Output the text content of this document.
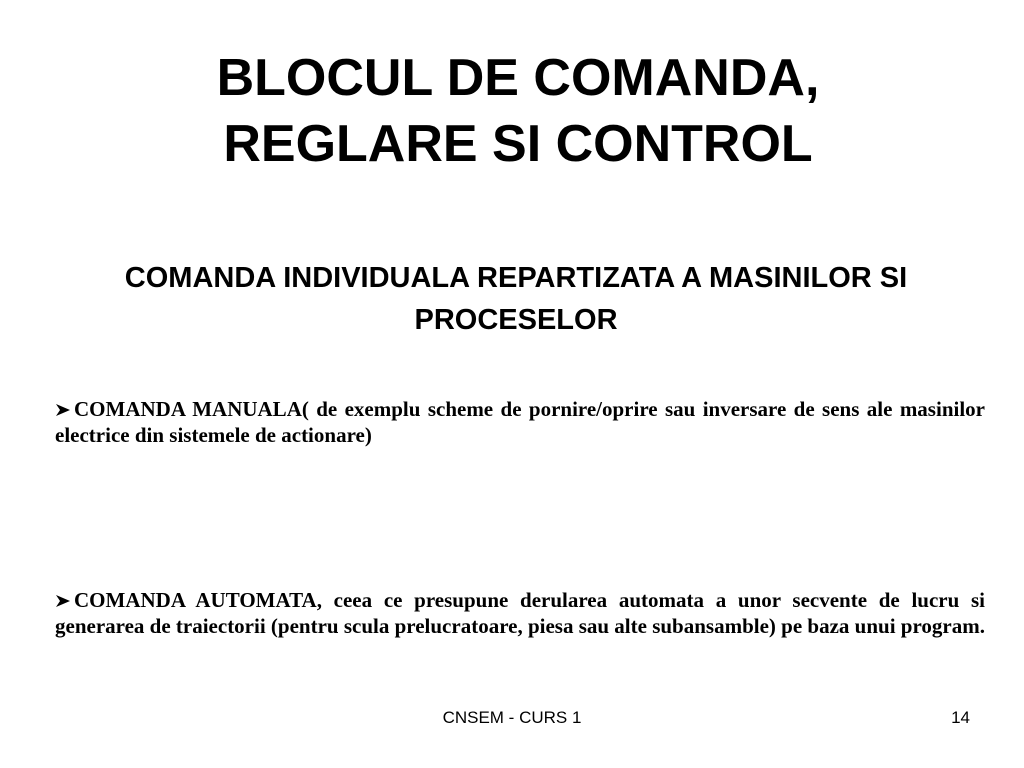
BLOCUL DE COMANDA,
REGLARE SI CONTROL
COMANDA INDIVIDUALA REPARTIZATA A MASINILOR SI
PROCESELOR
COMANDA MANUALA( de exemplu scheme de pornire/oprire sau inversare de sens ale masinilor electrice din sistemele de actionare)
COMANDA AUTOMATA, ceea ce presupune derularea automata a unor secvente de lucru si generarea de traiectorii (pentru scula prelucratoare, piesa sau alte subansamble) pe baza unui program.
CNSEM - CURS 1	14
